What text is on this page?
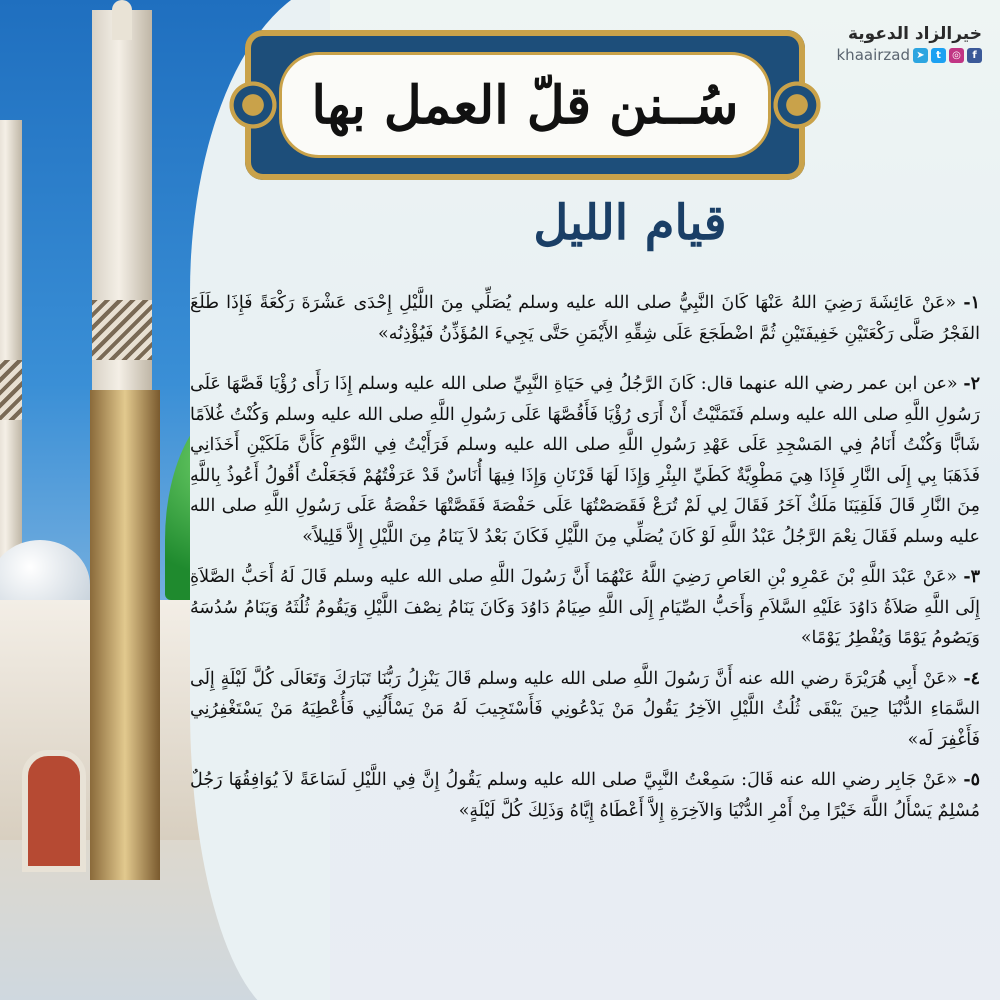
سُــنن قلّ العمل بها
خيرالزاد الدعوية
khaairzad ➤	t	◎	f
قيام الليل

١- «عَنْ عَائِشَةَ رَضِيَ اللهُ عَنْهَا كَانَ النَّبِيُّ صلى الله عليه وسلم يُصَلِّي مِنَ اللَّيْلِ إِحْدَى عَشْرَةَ رَكْعَةً فَإِذَا طَلَعَ الفَجْرُ صَلَّى رَكْعَتَيْنِ خَفِيفَتَيْنِ ثُمَّ اضْطَجَعَ عَلَى شِقِّهِ الأَيْمَنِ حَتَّى يَجِيءَ المُؤَذِّنُ فَيُؤْذِنُه»

٢- «عن ابن عمر رضي الله عنهما قال: كَانَ الرَّجُلُ فِي حَيَاةِ النَّبِيِّ صلى الله عليه وسلم إِذَا رَأَى رُؤْيَا قَصَّهَا عَلَى رَسُولِ اللَّهِ صلى الله عليه وسلم فَتَمَنَّيْتُ أَنْ أَرَى رُؤْيَا فَأَقُصَّهَا عَلَى رَسُولِ اللَّهِ صلى الله عليه وسلم وَكُنْتُ غُلاَمًا شَابًّا وَكُنْتُ أَنَامُ فِي المَسْجِدِ عَلَى عَهْدِ رَسُولِ اللَّهِ صلى الله عليه وسلم فَرَأَيْتُ فِي النَّوْمِ كَأَنَّ مَلَكَيْنِ أَخَذَانِي فَذَهَبَا بِي إِلَى النَّارِ فَإِذَا هِيَ مَطْوِيَّةٌ كَطَيِّ البِئْرِ وَإِذَا لَهَا قَرْنَانِ وَإِذَا فِيهَا أُنَاسٌ قَدْ عَرَفْتُهُمْ فَجَعَلْتُ أَقُولُ أَعُوذُ بِاللَّهِ مِنَ النَّارِ قَالَ فَلَقِيَنَا مَلَكٌ آخَرُ فَقَالَ لِي لَمْ تُرَعْ فَقَصَصْتُهَا عَلَى حَفْصَةَ فَقَصَّتْهَا حَفْصَةُ عَلَى رَسُولِ اللَّهِ صلى الله عليه وسلم فَقَالَ نِعْمَ الرَّجُلُ عَبْدُ اللَّهِ لَوْ كَانَ يُصَلِّي مِنَ اللَّيْلِ فَكَانَ بَعْدُ لاَ يَنَامُ مِنَ اللَّيْلِ إِلاَّ قَلِيلاً»

٣- «عَنْ عَبْدَ اللَّهِ بْنَ عَمْرِو بْنِ العَاصِ رَضِيَ اللَّهُ عَنْهُمَا أَنَّ رَسُولَ اللَّهِ صلى الله عليه وسلم قَالَ لَهُ أَحَبُّ الصَّلاَةِ إِلَى اللَّهِ صَلاَةُ دَاوُدَ عَلَيْهِ السَّلاَمِ وَأَحَبُّ الصِّيَامِ إِلَى اللَّهِ صِيَامُ دَاوُدَ وَكَانَ يَنَامُ نِصْفَ اللَّيْلِ وَيَقُومُ ثُلُثَهُ وَيَنَامُ سُدُسَهُ وَيَصُومُ يَوْمًا وَيُفْطِرُ يَوْمًا»

٤- «عَنْ أَبِي هُرَيْرَةَ رضي الله عنه أَنَّ رَسُولَ اللَّهِ صلى الله عليه وسلم قَالَ يَنْزِلُ رَبُّنَا تَبَارَكَ وَتَعَالَى كُلَّ لَيْلَةٍ إِلَى السَّمَاءِ الدُّنْيَا حِينَ يَبْقَى ثُلُثُ اللَّيْلِ الآخِرُ يَقُولُ مَنْ يَدْعُونِي فَأَسْتَجِيبَ لَهُ مَنْ يَسْأَلُنِي فَأُعْطِيَهُ مَنْ يَسْتَغْفِرُنِي فَأَغْفِرَ لَه»

٥- «عَنْ جَابِر رضي الله عنه قَالَ: سَمِعْتُ النَّبِيَّ صلى الله عليه وسلم يَقُولُ إِنَّ فِي اللَّيْلِ لَسَاعَةً لاَ يُوَافِقُهَا رَجُلٌ مُسْلِمٌ يَسْأَلُ اللَّهَ خَيْرًا مِنْ أَمْرِ الدُّنْيَا وَالآخِرَةِ إِلاَّ أَعْطَاهُ إِيَّاهُ وَذَلِكَ كُلَّ لَيْلَةٍ»
